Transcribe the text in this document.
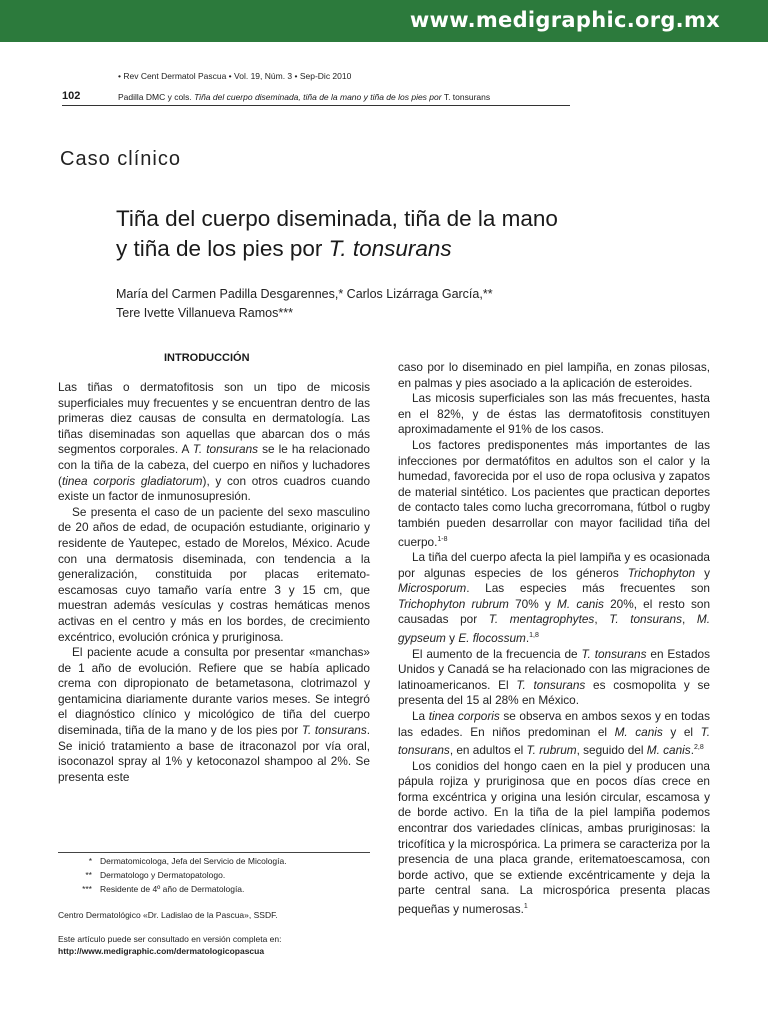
www.medigraphic.org.mx
• Rev Cent Dermatol Pascua • Vol. 19, Núm. 3 • Sep-Dic 2010
102	Padilla DMC y cols. Tiña del cuerpo diseminada, tiña de la mano y tiña de los pies por T. tonsurans
Caso clínico
Tiña del cuerpo diseminada, tiña de la mano
y tiña de los pies por T. tonsurans
María del Carmen Padilla Desgarennes,* Carlos Lizárraga García,**
Tere Ivette Villanueva Ramos***
INTRODUCCIÓN

Las tiñas o dermatofitosis son un tipo de micosis superficiales muy frecuentes y se encuentran dentro de las primeras diez causas de consulta en dermatología. Las tiñas diseminadas son aquellas que abarcan dos o más segmentos corporales. A T. tonsurans se le ha relacionado con la tiña de la cabeza, del cuerpo en niños y luchadores (tinea corporis gladiatorum), y con otros cuadros cuando existe un factor de inmunosupresión.

Se presenta el caso de un paciente del sexo masculino de 20 años de edad, de ocupación estudiante, originario y residente de Yautepec, estado de Morelos, México. Acude con una dermatosis diseminada, con tendencia a la generalización, constituida por placas eritemato-escamosas cuyo tamaño varía entre 3 y 15 cm, que muestran además vesículas y costras hemáticas menos activas en el centro y más en los bordes, de crecimiento excéntrico, evolución crónica y pruriginosa.

El paciente acude a consulta por presentar «manchas» de 1 año de evolución. Refiere que se había aplicado crema con dipropionato de betametasona, clotrimazol y gentamicina diariamente durante varios meses. Se integró el diagnóstico clínico y micológico de tiña del cuerpo diseminada, tiña de la mano y de los pies por T. tonsurans. Se inició tratamiento a base de itraconazol por vía oral, isoconazol spray al 1% y ketoconazol shampoo al 2%. Se presenta este

caso por lo diseminado en piel lampiña, en zonas pilosas, en palmas y pies asociado a la aplicación de esteroides.

Las micosis superficiales son las más frecuentes, hasta en el 82%, y de éstas las dermatofitosis constituyen aproximadamente el 91% de los casos.

Los factores predisponentes más importantes de las infecciones por dermatófitos en adultos son el calor y la humedad, favorecida por el uso de ropa oclusiva y zapatos de material sintético. Los pacientes que practican deportes de contacto tales como lucha grecorromana, fútbol o rugby también pueden desarrollar con mayor facilidad tiña del cuerpo.$^{1-8}$

La tiña del cuerpo afecta la piel lampiña y es ocasionada por algunas especies de los géneros Trichophyton y Microsporum. Las especies más frecuentes son Trichophyton rubrum 70% y M. canis 20%, el resto son causadas por T. mentagrophytes, T. tonsurans, M. gypseum y E. flocossum.$^{1,8}$

El aumento de la frecuencia de T. tonsurans en Estados Unidos y Canadá se ha relacionado con las migraciones de latinoamericanos. El T. tonsurans es cosmopolita y se presenta del 15 al 28% en México.

La tinea corporis se observa en ambos sexos y en todas las edades. En niños predominan el M. canis y el T. tonsurans, en adultos el T. rubrum, seguido del M. canis.$^{2,8}$

Los conidios del hongo caen en la piel y producen una pápula rojiza y pruriginosa que en pocos días crece en forma excéntrica y origina una lesión circular, escamosa y de borde activo. En la tiña de la piel lampiña podemos encontrar dos variedades clínicas, ambas pruriginosas: la tricofítica y la microspórica. La primera se caracteriza por la presencia de una placa grande, eritematoescamosa, con borde activo, que se extiende excéntricamente y deja la parte central sana. La microspórica presenta placas pequeñas y numerosas.$^1$

* Dermatomicologa, Jefa del Servicio de Micología.
** Dermatologo y Dermatopatologo.
*** Residente de 4º año de Dermatología.
Centro Dermatológico «Dr. Ladislao de la Pascua», SSDF.
Este artículo puede ser consultado en versión completa en:
http://www.medigraphic.com/dermatologicopascua
